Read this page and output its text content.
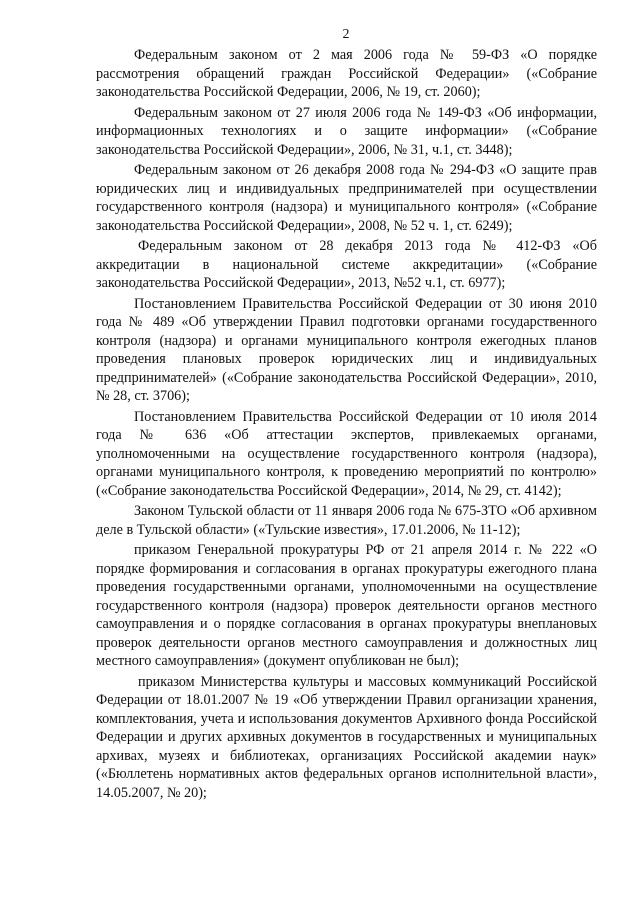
2

Федеральным законом от 2 мая 2006 года № 59-ФЗ «О порядке рассмотрения обращений граждан Российской Федерации» («Собрание законодательства Российской Федерации, 2006, № 19, ст. 2060);

Федеральным законом от 27 июля 2006 года № 149-ФЗ «Об информации, информационных технологиях и о защите информации» («Собрание законодательства Российской Федерации», 2006, № 31, ч.1, ст. 3448);

Федеральным законом от 26 декабря 2008 года № 294-ФЗ «О защите прав юридических лиц и индивидуальных предпринимателей при осуществлении государственного контроля (надзора) и муниципального контроля» («Собрание законодательства Российской Федерации», 2008, № 52 ч. 1, ст. 6249);

Федеральным законом от 28 декабря 2013 года № 412-ФЗ «Об аккредитации в национальной системе аккредитации» («Собрание законодательства Российской Федерации», 2013, №52 ч.1, ст. 6977);

Постановлением Правительства Российской Федерации от 30 июня 2010 года № 489 «Об утверждении Правил подготовки органами государственного контроля (надзора) и органами муниципального контроля ежегодных планов проведения плановых проверок юридических лиц и индивидуальных предпринимателей» («Собрание законодательства Российской Федерации», 2010, № 28, ст. 3706);

Постановлением Правительства Российской Федерации от 10 июля 2014 года № 636 «Об аттестации экспертов, привлекаемых органами, уполномоченными на осуществление государственного контроля (надзора), органами муниципального контроля, к проведению мероприятий по контролю» («Собрание законодательства Российской Федерации», 2014, № 29, ст. 4142);

Законом Тульской области от 11 января 2006 года № 675-ЗТО «Об архивном деле в Тульской области» («Тульские известия», 17.01.2006, № 11-12);

приказом Генеральной прокуратуры РФ от 21 апреля 2014 г. № 222 «О порядке формирования и согласования в органах прокуратуры ежегодного плана проведения государственными органами, уполномоченными на осуществление государственного контроля (надзора) проверок деятельности органов местного самоуправления и о порядке согласования в органах прокуратуры внеплановых проверок деятельности органов местного самоуправления и должностных лиц местного самоуправления» (документ опубликован не был);

приказом Министерства культуры и массовых коммуникаций Российской Федерации от 18.01.2007 № 19 «Об утверждении Правил организации хранения, комплектования, учета и использования документов Архивного фонда Российской Федерации и других архивных документов в государственных и муниципальных архивах, музеях и библиотеках, организациях Российской академии наук» («Бюллетень нормативных актов федеральных органов исполнительной власти», 14.05.2007, № 20);
